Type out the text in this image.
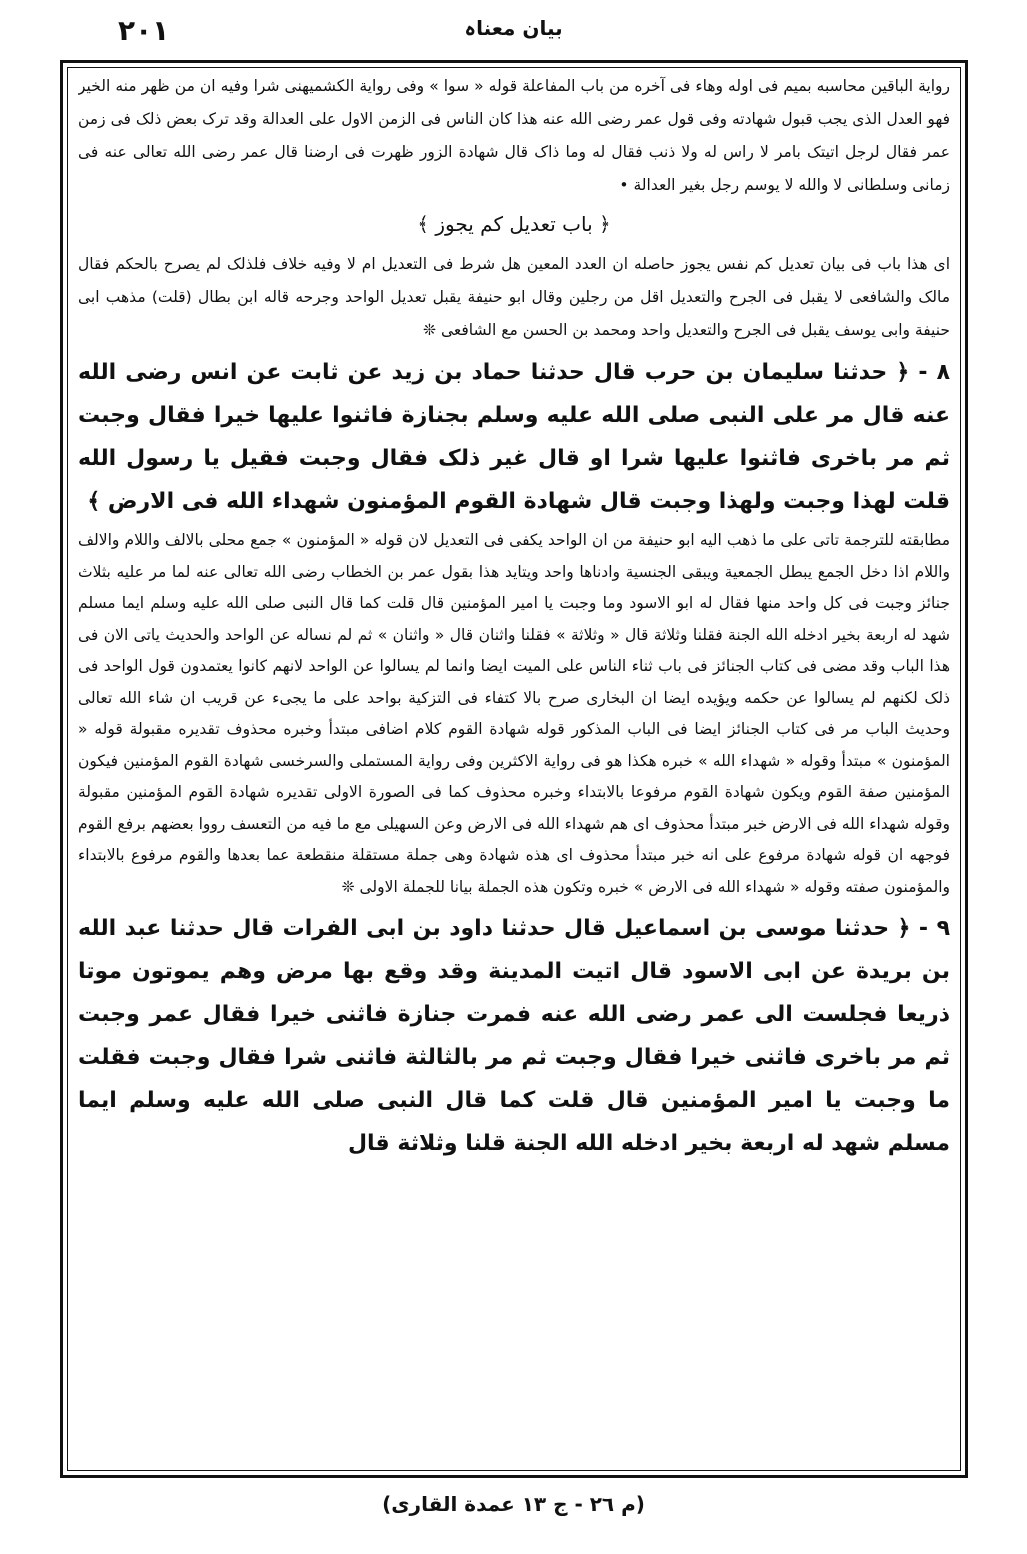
٢٠١	بیان معناہ

روایة الباقین محاسبه بمیم فی اوله وهاء فی آخره من باب المفاعلة قوله « سوا » وفی روایة الکشمیهنی شرا وفیه ان من ظهر منه الخیر فهو العدل الذی یجب قبول شهادته وفی قول عمر رضی الله عنه هذا کان الناس فی الزمن الاول علی العدالة وقد ترک بعض ذلک فی زمن عمر فقال لرجل اتیتک بامر لا راس له ولا ذنب فقال له وما ذاک قال شهادة الزور ظهرت فی ارضنا قال عمر رضی الله تعالی عنه فی زمانی وسلطانی لا والله لا یوسم رجل بغیر العدالة •

﴿ باب تعدیل کم یجوز ﴾

ای هذا باب فی بیان تعدیل کم نفس یجوز حاصله ان العدد المعین هل شرط فی التعدیل ام لا وفیه خلاف فلذلک لم یصرح بالحکم فقال مالک والشافعی لا یقبل فی الجرح والتعدیل اقل من رجلین وقال ابو حنیفة یقبل تعدیل الواحد وجرحه قاله ابن بطال (قلت) مذهب ابی حنیفة وابی یوسف یقبل فی الجرح والتعدیل واحد ومحمد بن الحسن مع الشافعی ❊

٨ - ﴿ حدثنا سلیمان بن حرب قال حدثنا حماد بن زید عن ثابت عن انس رضی الله عنه قال مر علی النبی صلی الله علیه وسلم بجنازة فاثنوا علیها خیرا فقال وجبت ثم مر باخری فاثنوا علیها شرا او قال غیر ذلک فقال وجبت فقیل یا رسول الله قلت لهذا وجبت ولهذا وجبت قال شهادة القوم المؤمنون شهداء الله فی الارض ﴾

مطابقته للترجمة تاتی علی ما ذهب الیه ابو حنیفة من ان الواحد یکفی فی التعدیل لان قوله « المؤمنون » جمع محلی بالالف واللام والالف واللام اذا دخل الجمع یبطل الجمعیة ویبقی الجنسیة وادناها واحد ویتاید هذا بقول عمر بن الخطاب رضی الله تعالی عنه لما مر علیه بثلاث جنائز وجبت فی کل واحد منها فقال له ابو الاسود وما وجبت یا امیر المؤمنین قال قلت کما قال النبی صلی الله علیه وسلم ایما مسلم شهد له اربعة بخیر ادخله الله الجنة فقلنا وثلاثة قال « وثلاثة » فقلنا واثنان قال « واثنان » ثم لم نساله عن الواحد والحدیث یاتی الان فی هذا الباب وقد مضی فی کتاب الجنائز فی باب ثناء الناس علی المیت ایضا وانما لم یسالوا عن الواحد لانهم کانوا یعتمدون قول الواحد فی ذلک لکنهم لم یسالوا عن حکمه ویؤیده ایضا ان البخاری صرح بالا کتفاء فی التزکیة بواحد علی ما یجیء عن قریب ان شاء الله تعالی وحدیث الباب مر فی کتاب الجنائز ایضا فی الباب المذکور قوله شهادة القوم کلام اضافی مبتدأ وخبره محذوف تقدیره مقبولة قوله « المؤمنون » مبتدأ وقوله « شهداء الله » خبره هکذا هو فی روایة الاکثرین وفی روایة المستملی والسرخسی شهادة القوم المؤمنین فیکون المؤمنین صفة القوم ویکون شهادة القوم مرفوعا بالابتداء وخبره محذوف کما فی الصورة الاولی تقدیره شهادة القوم المؤمنین مقبولة وقوله شهداء الله فی الارض خبر مبتدأ محذوف ای هم شهداء الله فی الارض وعن السهیلی مع ما فیه من التعسف رووا بعضهم برفع القوم فوجهه ان قوله شهادة مرفوع علی انه خبر مبتدأ محذوف ای هذه شهادة وهی جملة مستقلة منقطعة عما بعدها والقوم مرفوع بالابتداء والمؤمنون صفته وقوله « شهداء الله فی الارض » خبره وتکون هذه الجملة بیانا للجملة الاولی ❊

٩ - ﴿ حدثنا موسی بن اسماعیل قال حدثنا داود بن ابی الفرات قال حدثنا عبد الله بن بریدة عن ابی الاسود قال اتیت المدینة وقد وقع بها مرض وهم یموتون موتا ذریعا فجلست الی عمر رضی الله عنه فمرت جنازة فاثنی خیرا فقال عمر وجبت ثم مر باخری فاثنی خیرا فقال وجبت ثم مر بالثالثة فاثنی شرا فقال وجبت فقلت ما وجبت یا امیر المؤمنین قال قلت کما قال النبی صلی الله علیه وسلم ایما مسلم شهد له اربعة بخیر ادخله الله الجنة قلنا وثلاثة قال

(م ٢٦ - ج ١٣ عمدة القاری)
